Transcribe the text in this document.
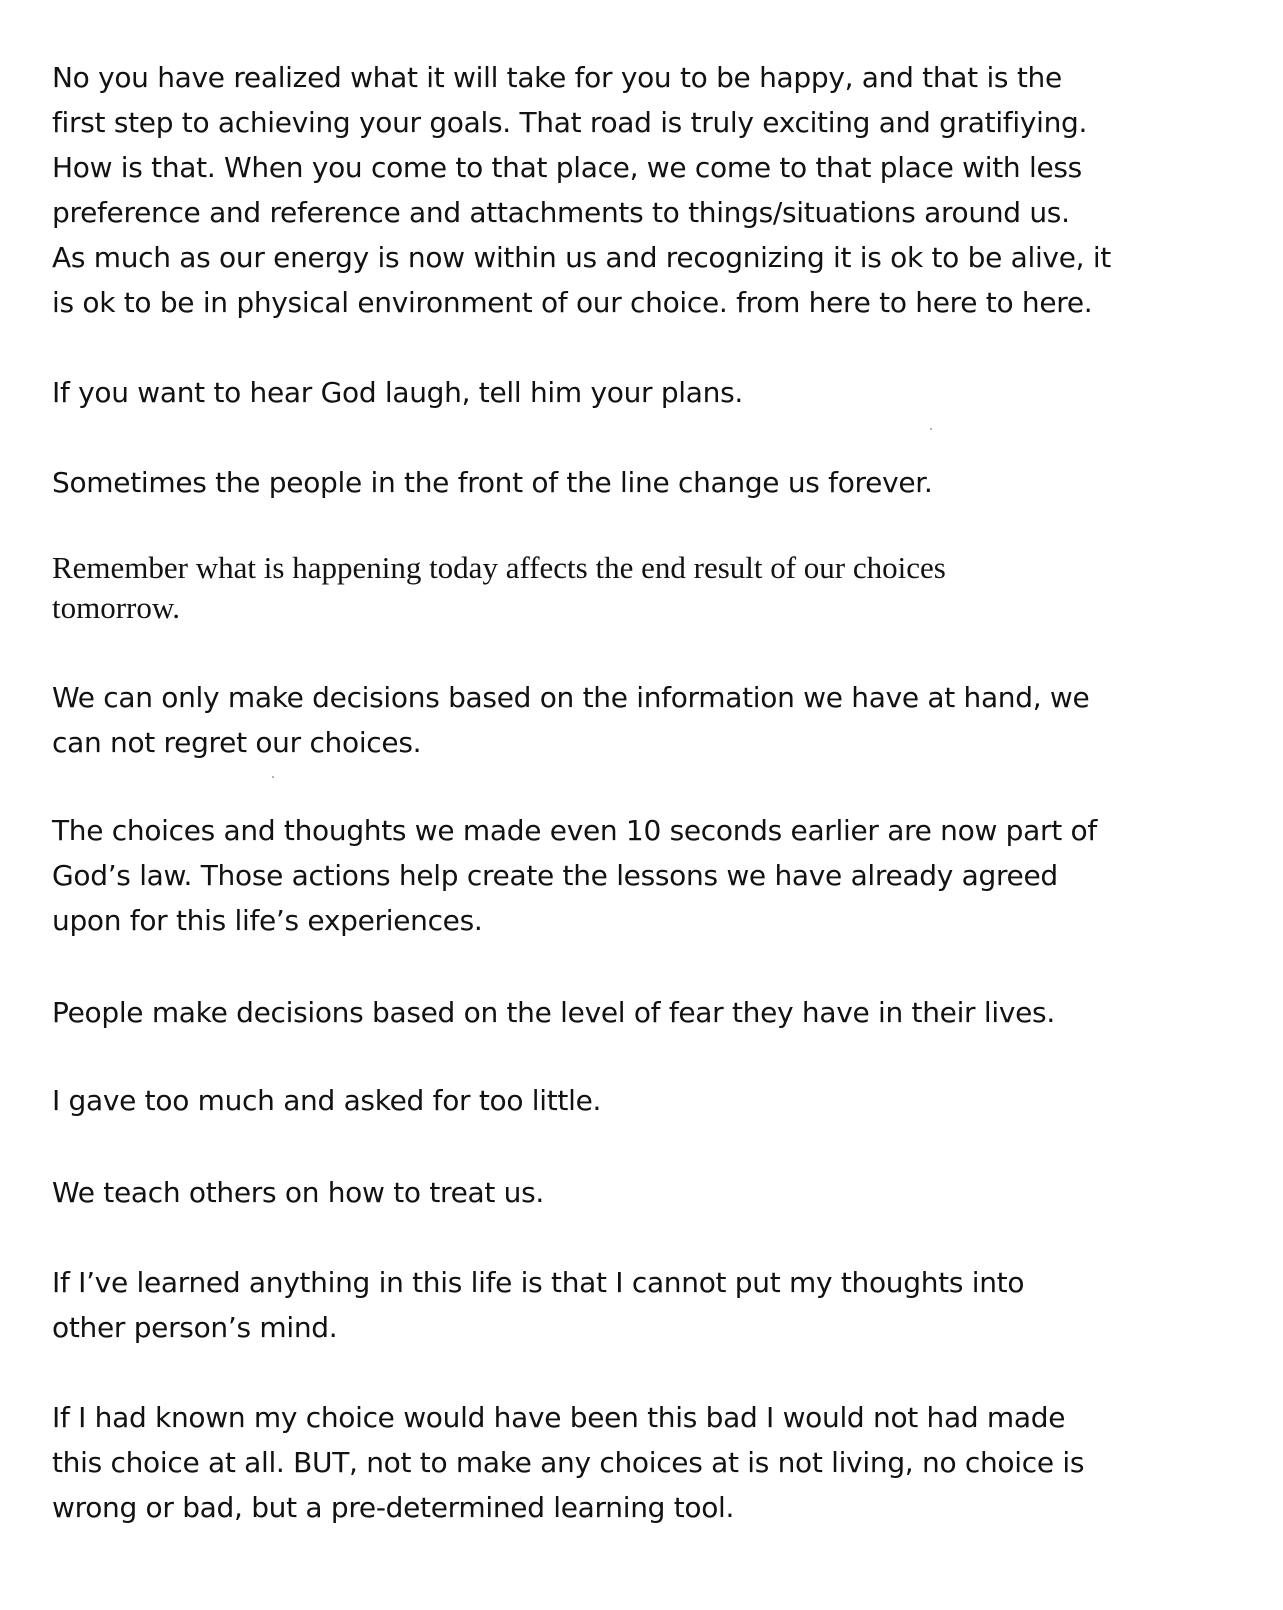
No you have realized what it will take for you to be happy, and that is the
first step to achieving your goals. That road is truly exciting and gratifiying.
How is that. When you come to that place, we come to that place with less
preference and reference and attachments to things/situations around us.
As much as our energy is now within us and recognizing it is ok to be alive, it
is ok to be in physical environment of our choice. from here to here to here.

If you want to hear God laugh, tell him your plans.

Sometimes the people in the front of the line change us forever.

Remember what is happening today affects the end result of our choices
tomorrow.

We can only make decisions based on the information we have at hand, we
can not regret our choices.

The choices and thoughts we made even 10 seconds earlier are now part of
God’s law. Those actions help create the lessons we have already agreed
upon for this life’s experiences.

People make decisions based on the level of fear they have in their lives.

I gave too much and asked for too little.

We teach others on how to treat us.

If I’ve learned anything in this life is that I cannot put my thoughts into
other person’s mind.

If I had known my choice would have been this bad I would not had made
this choice at all. BUT, not to make any choices at is not living, no choice is
wrong or bad, but a pre-determined learning tool.
